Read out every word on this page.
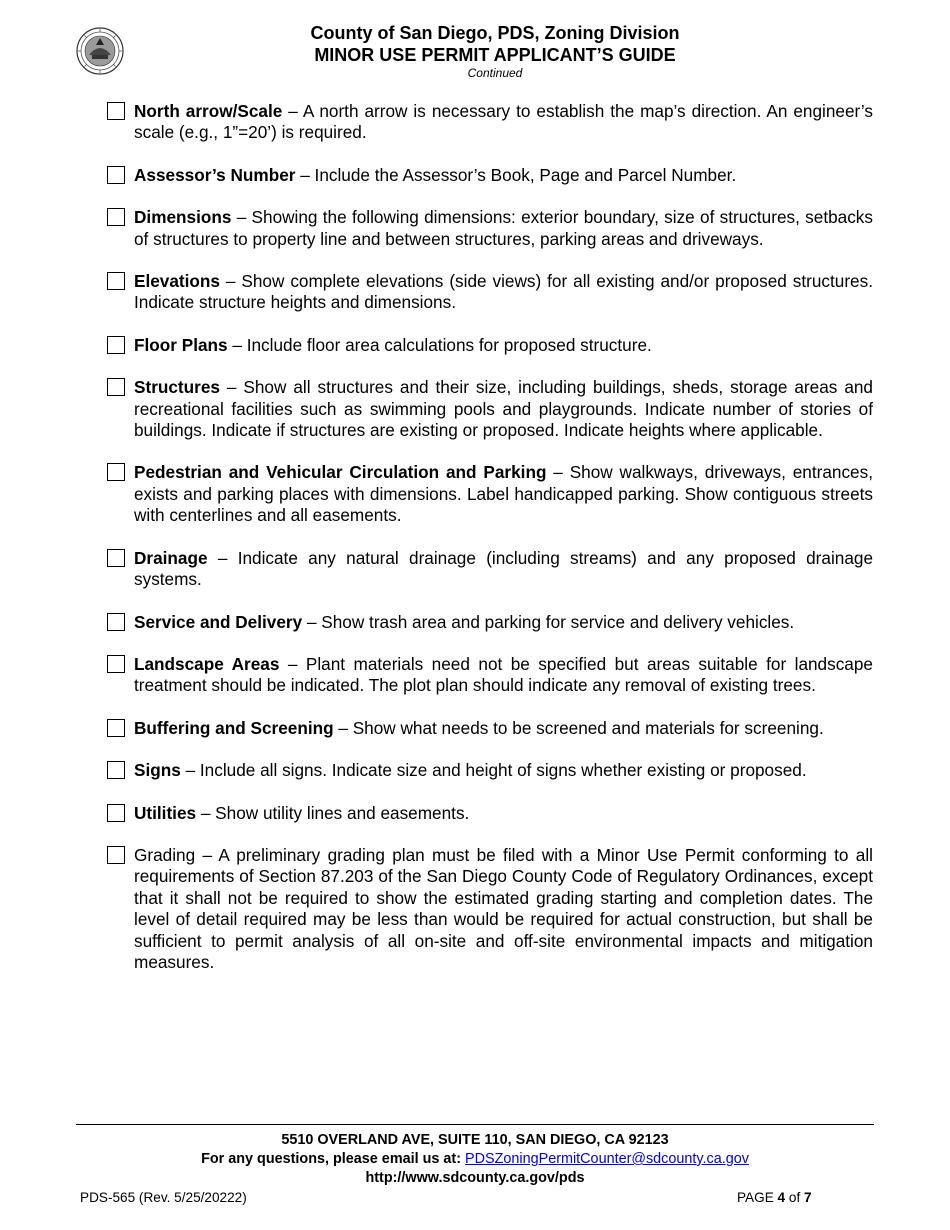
County of San Diego, PDS, Zoning Division
MINOR USE PERMIT APPLICANT’S GUIDE
Continued
North arrow/Scale – A north arrow is necessary to establish the map’s direction. An engineer’s scale (e.g., 1”=20’) is required.
Assessor’s Number – Include the Assessor’s Book, Page and Parcel Number.
Dimensions – Showing the following dimensions: exterior boundary, size of structures, setbacks of structures to property line and between structures, parking areas and driveways.
Elevations – Show complete elevations (side views) for all existing and/or proposed structures. Indicate structure heights and dimensions.
Floor Plans – Include floor area calculations for proposed structure.
Structures – Show all structures and their size, including buildings, sheds, storage areas and recreational facilities such as swimming pools and playgrounds. Indicate number of stories of buildings. Indicate if structures are existing or proposed. Indicate heights where applicable.
Pedestrian and Vehicular Circulation and Parking – Show walkways, driveways, entrances, exists and parking places with dimensions. Label handicapped parking. Show contiguous streets with centerlines and all easements.
Drainage – Indicate any natural drainage (including streams) and any proposed drainage systems.
Service and Delivery – Show trash area and parking for service and delivery vehicles.
Landscape Areas – Plant materials need not be specified but areas suitable for landscape treatment should be indicated. The plot plan should indicate any removal of existing trees.
Buffering and Screening – Show what needs to be screened and materials for screening.
Signs – Include all signs. Indicate size and height of signs whether existing or proposed.
Utilities – Show utility lines and easements.
Grading – A preliminary grading plan must be filed with a Minor Use Permit conforming to all requirements of Section 87.203 of the San Diego County Code of Regulatory Ordinances, except that it shall not be required to show the estimated grading starting and completion dates. The level of detail required may be less than would be required for actual construction, but shall be sufficient to permit analysis of all on-site and off-site environmental impacts and mitigation measures.
5510 OVERLAND AVE, SUITE 110, SAN DIEGO, CA 92123
For any questions, please email us at: PDSZoningPermitCounter@sdcounty.ca.gov
http://www.sdcounty.ca.gov/pds
PDS-565 (Rev. 5/25/20222)	PAGE 4 of 7
